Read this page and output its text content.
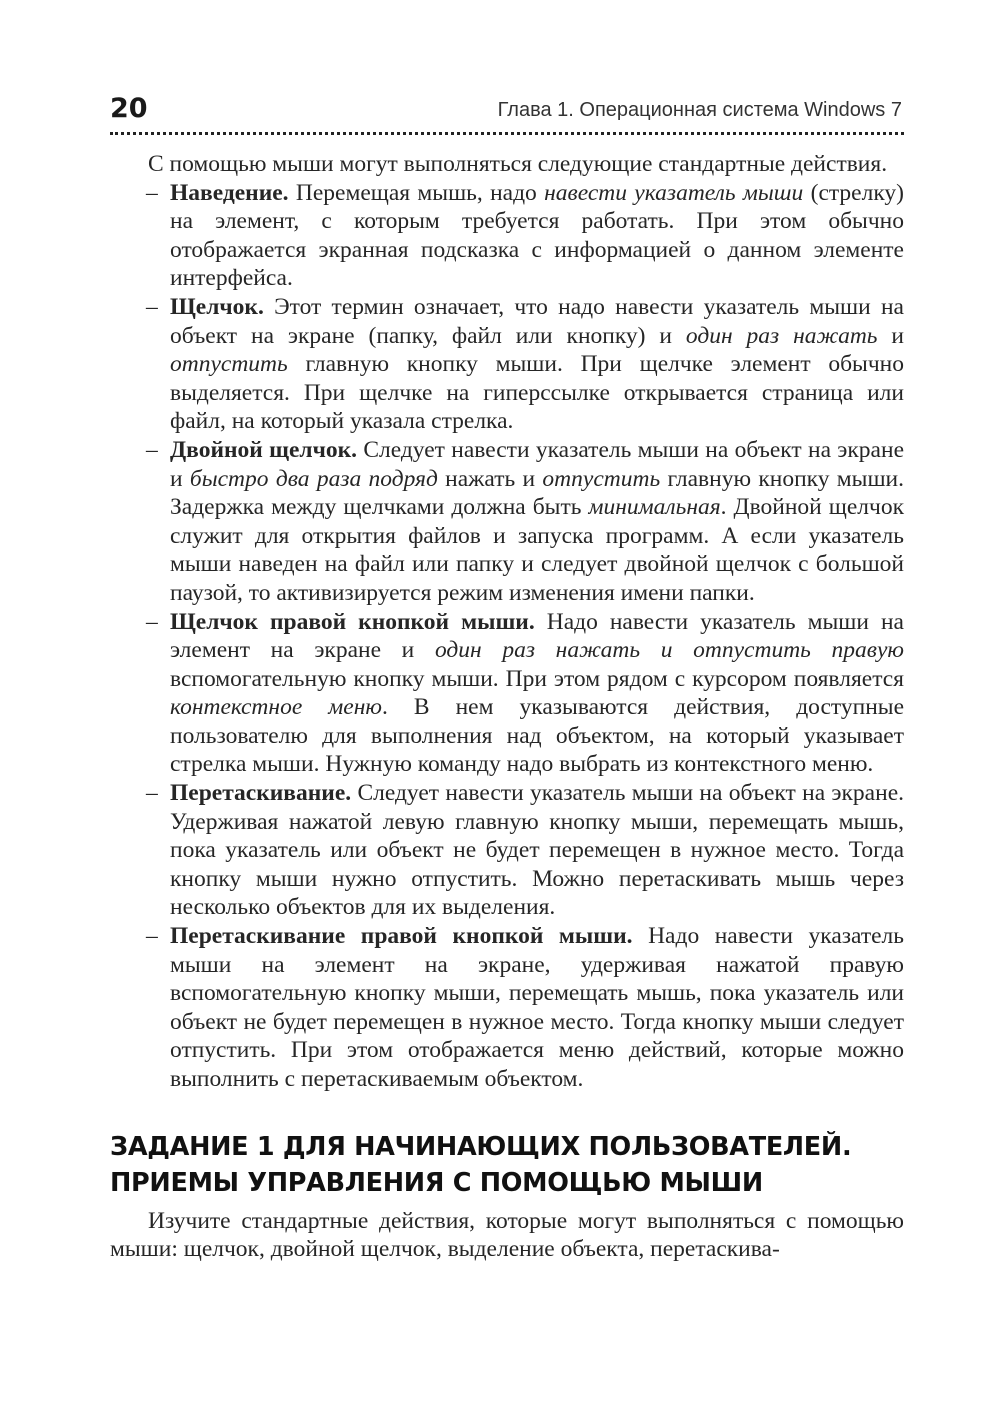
20	Глава 1. Операционная система Windows 7

С помощью мыши могут выполняться следующие стандартные действия.

– Наведение. Перемещая мышь, надо навести указатель мыши (стрелку) на элемент, с которым требуется работать. При этом обычно отображается экранная подсказка с информацией о данном элементе интерфейса.
– Щелчок. Этот термин означает, что надо навести указатель мыши на объект на экране (папку, файл или кнопку) и один раз нажать и отпустить главную кнопку мыши. При щелчке элемент обычно выделяется. При щелчке на гиперссылке открывается страница или файл, на который указала стрелка.
– Двойной щелчок. Следует навести указатель мыши на объект на экране и быстро два раза подряд нажать и отпустить главную кнопку мыши. Задержка между щелчками должна быть минимальная. Двойной щелчок служит для открытия файлов и запуска программ. А если указатель мыши наведен на файл или папку и следует двойной щелчок с большой паузой, то активизируется режим изменения имени папки.
– Щелчок правой кнопкой мыши. Надо навести указатель мыши на элемент на экране и один раз нажать и отпустить правую вспомогательную кнопку мыши. При этом рядом с курсором появляется контекстное меню. В нем указываются действия, доступные пользователю для выполнения над объектом, на который указывает стрелка мыши. Нужную команду надо выбрать из контекстного меню.
– Перетаскивание. Следует навести указатель мыши на объект на экране. Удерживая нажатой левую главную кнопку мыши, перемещать мышь, пока указатель или объект не будет перемещен в нужное место. Тогда кнопку мыши нужно отпустить. Можно перетаскивать мышь через несколько объектов для их выделения.
– Перетаскивание правой кнопкой мыши. Надо навести указатель мыши на элемент на экране, удерживая нажатой правую вспомогательную кнопку мыши, перемещать мышь, пока указатель или объект не будет перемещен в нужное место. Тогда кнопку мыши следует отпустить. При этом отображается меню действий, которые можно выполнить с перетаскиваемым объектом.
ЗАДАНИЕ 1 ДЛЯ НАЧИНАЮЩИХ ПОЛЬЗОВАТЕЛЕЙ.
ПРИЕМЫ УПРАВЛЕНИЯ С ПОМОЩЬЮ МЫШИ

Изучите стандартные действия, которые могут выполняться с помощью мыши: щелчок, двойной щелчок, выделение объекта, перетаскива-
